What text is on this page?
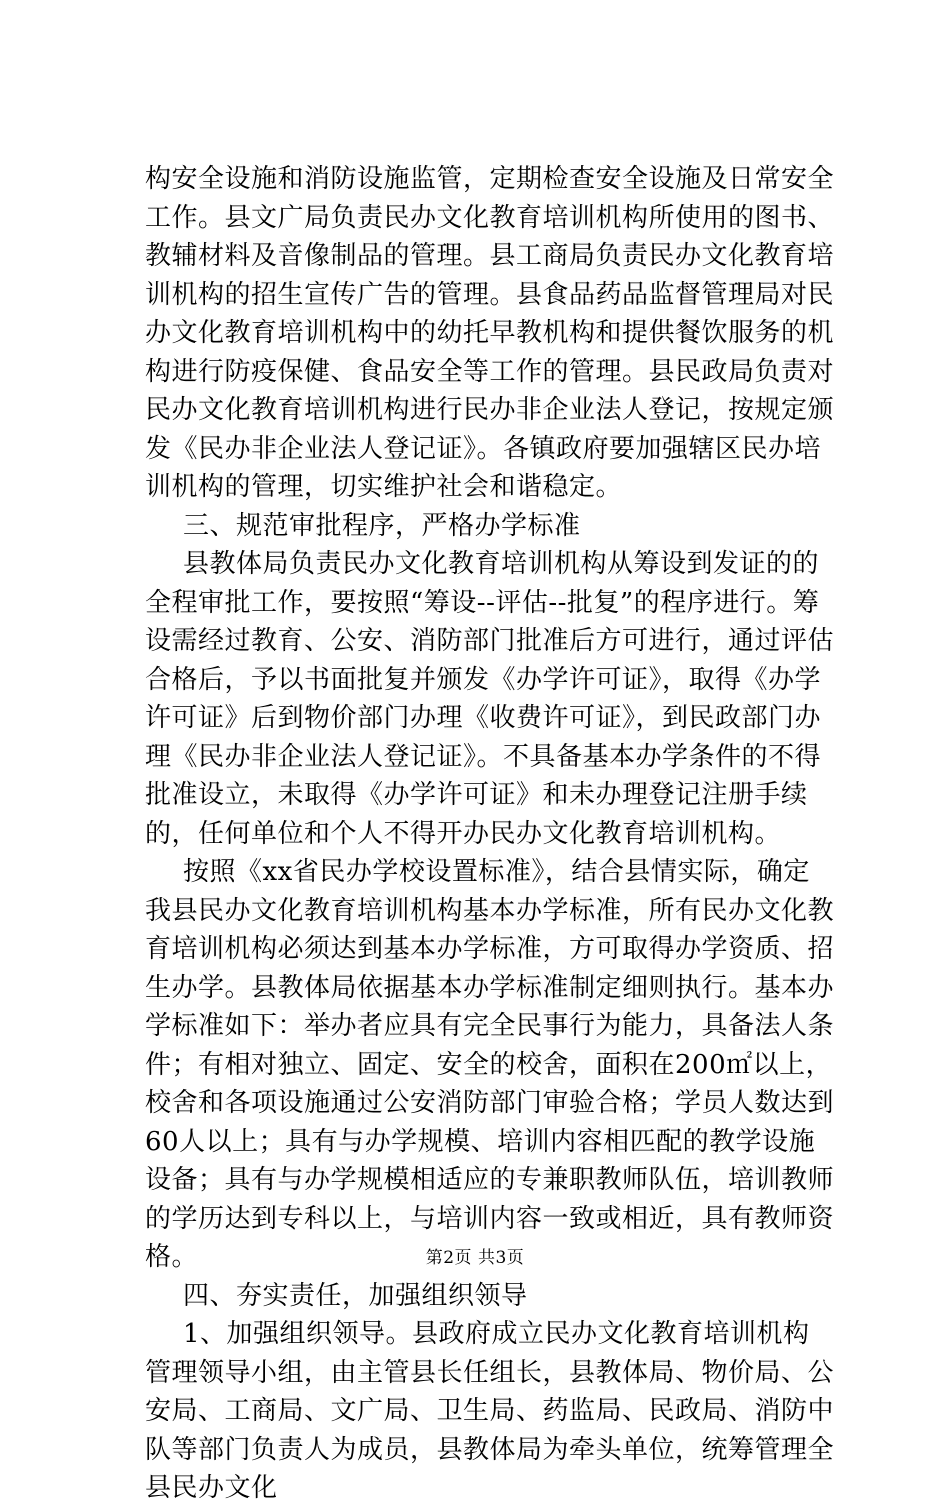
构安全设施和消防设施监管，定期检查安全设施及日常安全工作。县文广局负责民办文化教育培训机构所使用的图书、教辅材料及音像制品的管理。县工商局负责民办文化教育培训机构的招生宣传广告的管理。县食品药品监督管理局对民办文化教育培训机构中的幼托早教机构和提供餐饮服务的机构进行防疫保健、食品安全等工作的管理。县民政局负责对民办文化教育培训机构进行民办非企业法人登记，按规定颁发《民办非企业法人登记证》。各镇政府要加强辖区民办培训机构的管理，切实维护社会和谐稳定。

三、规范审批程序，严格办学标准

县教体局负责民办文化教育培训机构从筹设到发证的的全程审批工作，要按照“筹设--评估--批复”的程序进行。筹设需经过教育、公安、消防部门批准后方可进行，通过评估合格后，予以书面批复并颁发《办学许可证》，取得《办学许可证》后到物价部门办理《收费许可证》，到民政部门办理《民办非企业法人登记证》。不具备基本办学条件的不得批准设立，未取得《办学许可证》和未办理登记注册手续的，任何单位和个人不得开办民办文化教育培训机构。

按照《xx省民办学校设置标准》，结合县情实际，确定我县民办文化教育培训机构基本办学标准，所有民办文化教育培训机构必须达到基本办学标准，方可取得办学资质、招生办学。县教体局依据基本办学标准制定细则执行。基本办学标准如下：举办者应具有完全民事行为能力，具备法人条件；有相对独立、固定、安全的校舍，面积在200㎡以上，校舍和各项设施通过公安消防部门审验合格；学员人数达到60人以上；具有与办学规模、培训内容相匹配的教学设施设备；具有与办学规模相适应的专兼职教师队伍，培训教师的学历达到专科以上，与培训内容一致或相近，具有教师资格。

四、夯实责任，加强组织领导

1、加强组织领导。县政府成立民办文化教育培训机构管理领导小组，由主管县长任组长，县教体局、物价局、公安局、工商局、文广局、卫生局、药监局、民政局、消防中队等部门负责人为成员，县教体局为牵头单位，统筹管理全县民办文化

第2页 共3页
